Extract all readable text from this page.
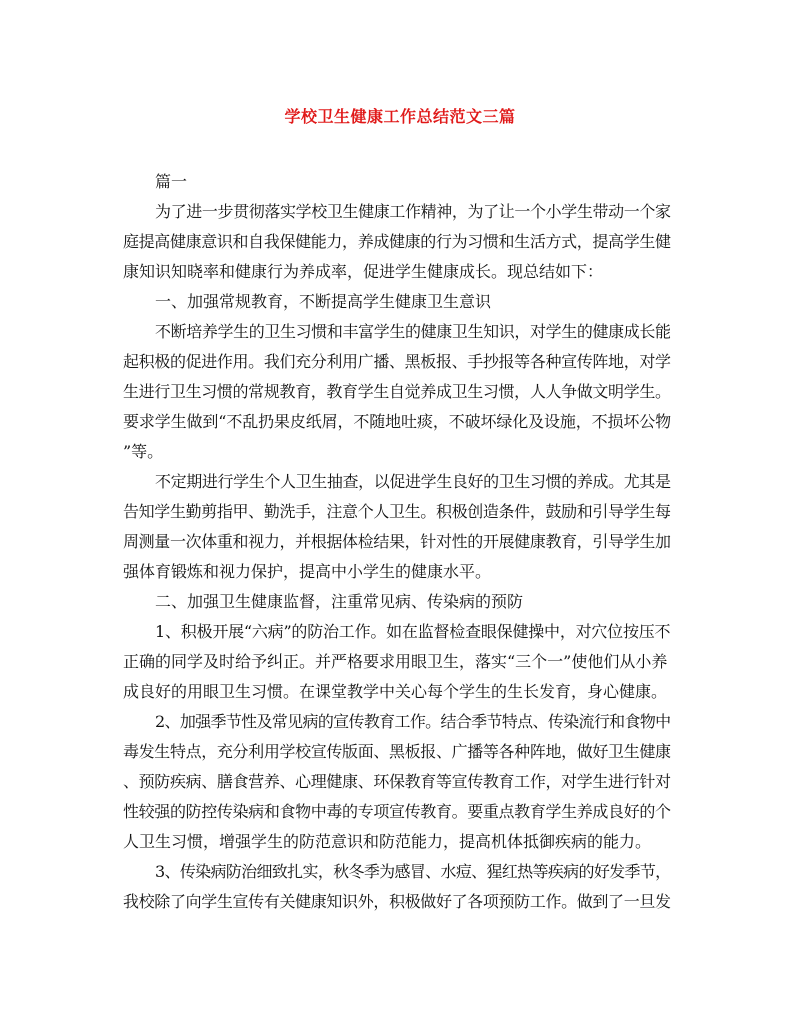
学校卫生健康工作总结范文三篇
篇一
为了进一步贯彻落实学校卫生健康工作精神，为了让一个小学生带动一个家
庭提高健康意识和自我保健能力，养成健康的行为习惯和生活方式，提高学生健
康知识知晓率和健康行为养成率，促进学生健康成长。现总结如下：
一、加强常规教育，不断提高学生健康卫生意识
不断培养学生的卫生习惯和丰富学生的健康卫生知识，对学生的健康成长能
起积极的促进作用。我们充分利用广播、黑板报、手抄报等各种宣传阵地，对学
生进行卫生习惯的常规教育，教育学生自觉养成卫生习惯，人人争做文明学生。
要求学生做到“不乱扔果皮纸屑，不随地吐痰，不破坏绿化及设施，不损坏公物
”等。
不定期进行学生个人卫生抽查，以促进学生良好的卫生习惯的养成。尤其是
告知学生勤剪指甲、勤洗手，注意个人卫生。积极创造条件，鼓励和引导学生每
周测量一次体重和视力，并根据体检结果，针对性的开展健康教育，引导学生加
强体育锻炼和视力保护，提高中小学生的健康水平。
二、加强卫生健康监督，注重常见病、传染病的预防
1、积极开展“六病”的防治工作。如在监督检查眼保健操中，对穴位按压不
正确的同学及时给予纠正。并严格要求用眼卫生，落实“三个一”使他们从小养
成良好的用眼卫生习惯。在课堂教学中关心每个学生的生长发育，身心健康。
2、加强季节性及常见病的宣传教育工作。结合季节特点、传染流行和食物中
毒发生特点，充分利用学校宣传版面、黑板报、广播等各种阵地，做好卫生健康
、预防疾病、膳食营养、心理健康、环保教育等宣传教育工作，对学生进行针对
性较强的防控传染病和食物中毒的专项宣传教育。要重点教育学生养成良好的个
人卫生习惯，增强学生的防范意识和防范能力，提高机体抵御疾病的能力。
3、传染病防治细致扎实，秋冬季为感冒、水痘、猩红热等疾病的好发季节，
我校除了向学生宣传有关健康知识外，积极做好了各项预防工作。做到了一旦发
